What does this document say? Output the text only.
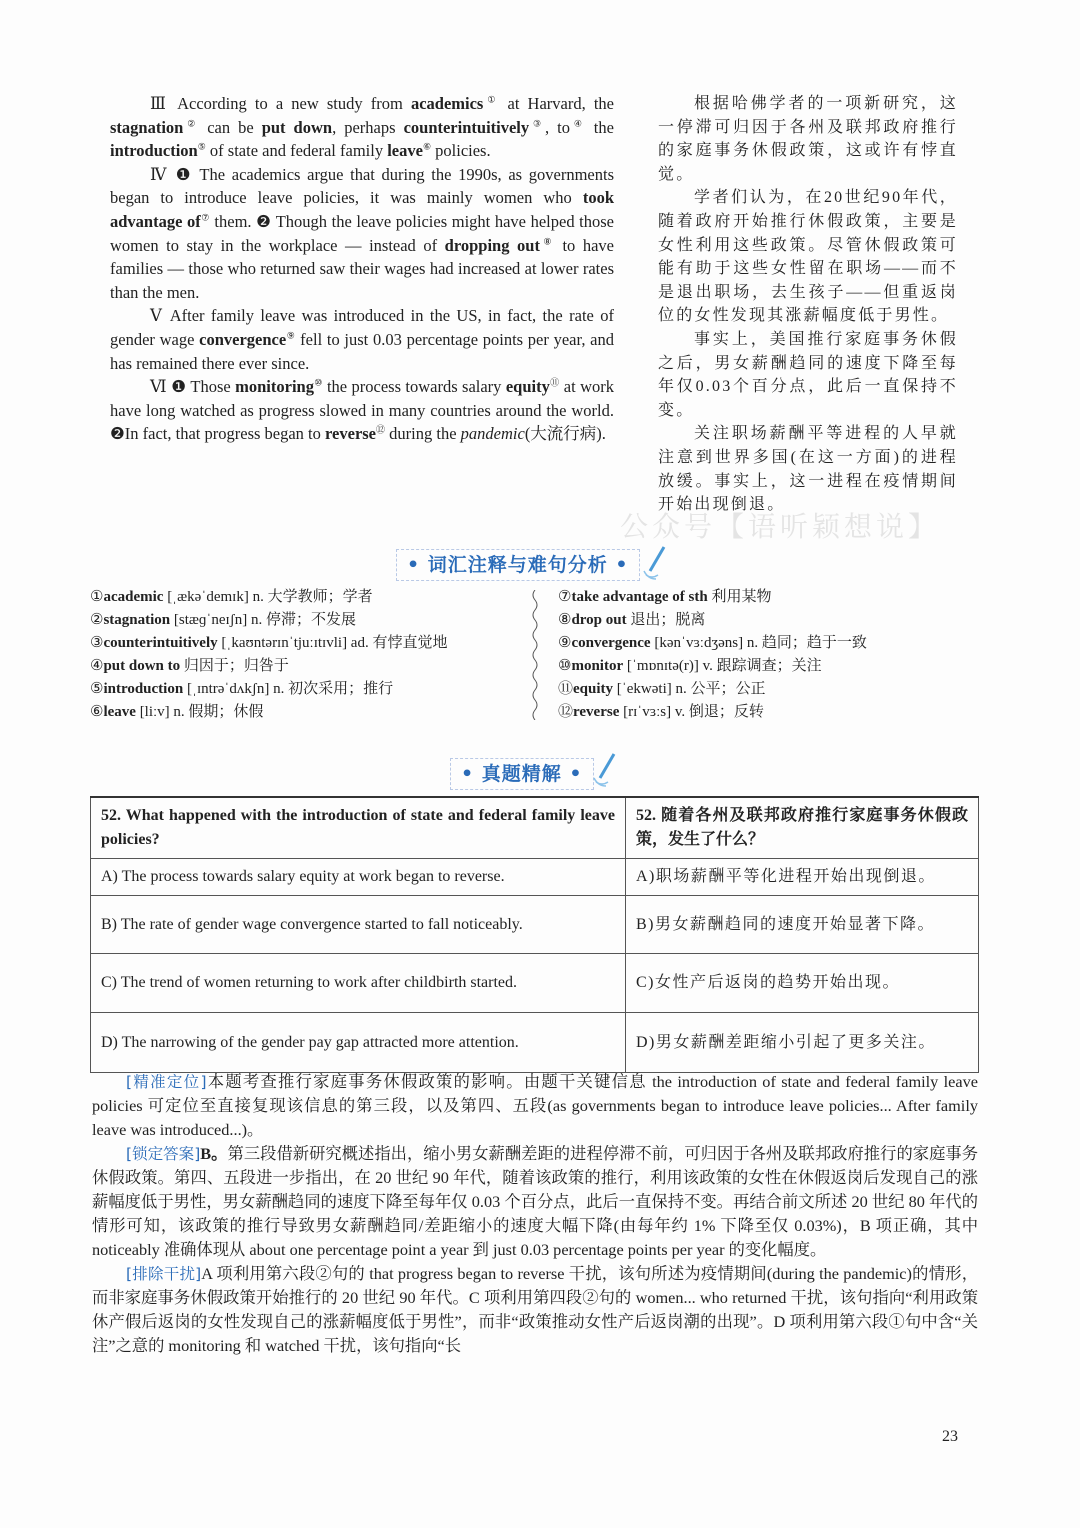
Ⅲ According to a new study from academics① at Harvard, the stagnation② can be put down, perhaps counterintuitively③, to④ the introduction⑤ of state and federal family leave⑥ policies.

Ⅳ ❶ The academics argue that during the 1990s, as governments began to introduce leave policies, it was mainly women who took advantage of⑦ them. ❷ Though the leave policies might have helped those women to stay in the workplace — instead of dropping out⑧ to have families — those who returned saw their wages had increased at lower rates than the men.

Ⅴ After family leave was introduced in the US, in fact, the rate of gender wage convergence⑨ fell to just 0.03 percentage points per year, and has remained there ever since.

Ⅵ ❶ Those monitoring⑩ the process towards salary equity⑪ at work have long watched as progress slowed in many countries around the world. ❷In fact, that progress began to reverse⑫ during the pandemic(大流行病).

根据哈佛学者的一项新研究，这一停滞可归因于各州及联邦政府推行的家庭事务休假政策，这或许有悖直觉。

学者们认为，在20世纪90年代，随着政府开始推行休假政策，主要是女性利用这些政策。尽管休假政策可能有助于这些女性留在职场——而不是退出职场，去生孩子——但重返岗位的女性发现其涨薪幅度低于男性。

事实上，美国推行家庭事务休假之后，男女薪酬趋同的速度下降至每年仅0.03个百分点，此后一直保持不变。

关注职场薪酬平等进程的人早就注意到世界多国(在这一方面)的进程放缓。事实上，这一进程在疫情期间开始出现倒退。

公众号【语听颖想说】
• 词汇注释与难句分析 •
①academic [ˌækəˈdemɪk] n. 大学教师；学者
②stagnation [stæɡˈneɪʃn] n. 停滞；不发展
③counterintuitively [ˌkaʊntərɪnˈtjuːɪtɪvli] ad. 有悖直觉地
④put down to 归因于；归咎于
⑤introduction [ˌɪntrəˈdʌkʃn] n. 初次采用；推行
⑥leave [liːv] n. 假期；休假
⑦take advantage of sth 利用某物
⑧drop out 退出；脱离
⑨convergence [kənˈvɜːdʒəns] n. 趋同；趋于一致
⑩monitor [ˈmɒnɪtə(r)] v. 跟踪调查；关注
⑪equity [ˈekwəti] n. 公平；公正
⑫reverse [rɪˈvɜːs] v. 倒退；反转
• 真题精解 •
52. What happened with the introduction of state and federal family leave policies?	52. 随着各州及联邦政府推行家庭事务休假政策，发生了什么？
A) The process towards salary equity at work began to reverse.	A)职场薪酬平等化进程开始出现倒退。
B) The rate of gender wage convergence started to fall noticeably.	B)男女薪酬趋同的速度开始显著下降。
C) The trend of women returning to work after childbirth started.	C)女性产后返岗的趋势开始出现。
D) The narrowing of the gender pay gap attracted more attention.	D)男女薪酬差距缩小引起了更多关注。

[精准定位]本题考查推行家庭事务休假政策的影响。由题干关键信息 the introduction of state and federal family leave policies 可定位至直接复现该信息的第三段，以及第四、五段(as governments began to introduce leave policies... After family leave was introduced...)。

[锁定答案]B。第三段借新研究概述指出，缩小男女薪酬差距的进程停滞不前，可归因于各州及联邦政府推行的家庭事务休假政策。第四、五段进一步指出，在 20 世纪 90 年代，随着该政策的推行，利用该政策的女性在休假返岗后发现自己的涨薪幅度低于男性，男女薪酬趋同的速度下降至每年仅 0.03 个百分点，此后一直保持不变。再结合前文所述 20 世纪 80 年代的情形可知，该政策的推行导致男女薪酬趋同/差距缩小的速度大幅下降(由每年约 1% 下降至仅 0.03%)，B 项正确，其中 noticeably 准确体现从 about one percentage point a year 到 just 0.03 percentage points per year 的变化幅度。

[排除干扰]A 项利用第六段②句的 that progress began to reverse 干扰，该句所述为疫情期间(during the pandemic)的情形，而非家庭事务休假政策开始推行的 20 世纪 90 年代。C 项利用第四段②句的 women... who returned 干扰，该句指向“利用政策休产假后返岗的女性发现自己的涨薪幅度低于男性”，而非“政策推动女性产后返岗潮的出现”。D 项利用第六段①句中含“关注”之意的 monitoring 和 watched 干扰，该句指向“长

23
